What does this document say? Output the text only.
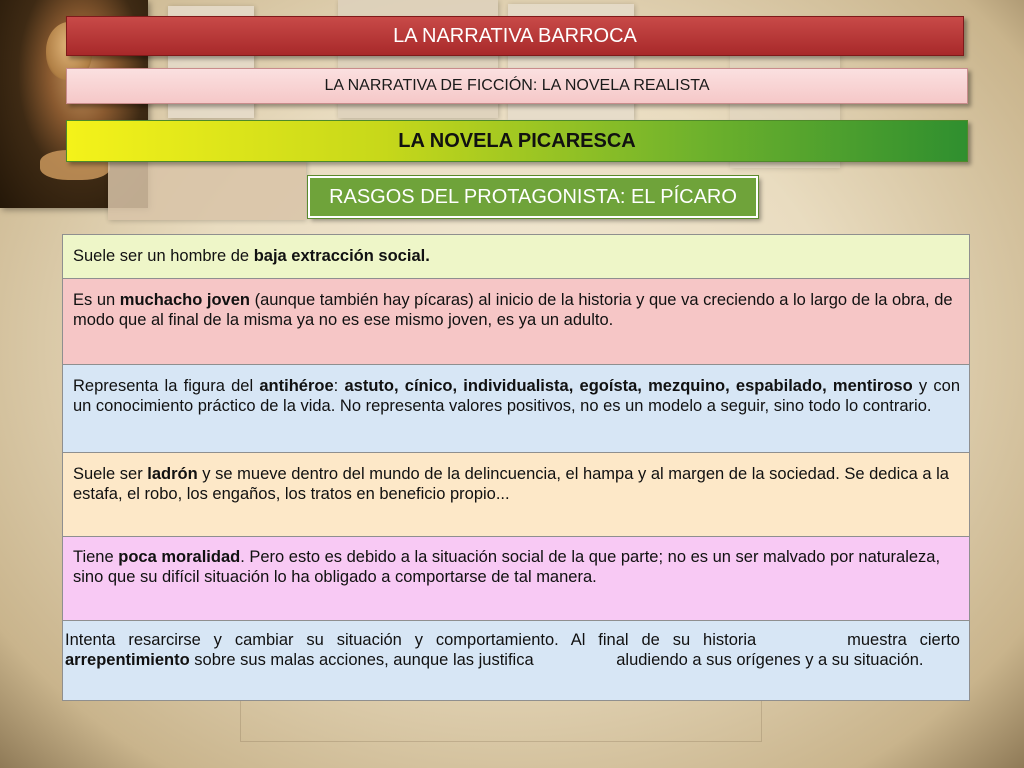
LA NARRATIVA BARROCA
LA NARRATIVA DE FICCIÓN: LA NOVELA REALISTA
LA NOVELA PICARESCA
RASGOS DEL PROTAGONISTA: EL PÍCARO
Suele ser un hombre de baja extracción social.
Es un muchacho joven (aunque también hay pícaras) al inicio de la historia y que va creciendo a lo largo de la obra, de modo que al final de la misma ya no es ese mismo joven, es ya un adulto.
Representa la figura del antihéroe: astuto, cínico, individualista, egoísta, mezquino, espabilado, mentiroso y con un conocimiento práctico de la vida. No representa valores positivos, no es un modelo a seguir, sino todo lo contrario.
Suele ser ladrón y se mueve dentro del mundo de la delincuencia, el hampa y al margen de la sociedad. Se dedica a la estafa, el robo, los engaños, los tratos en beneficio propio...
Tiene poca moralidad. Pero esto es debido a la situación social de la que parte; no es un ser malvado por naturaleza, sino que su difícil situación lo ha obligado a comportarse de tal manera.
Intenta resarcirse y cambiar su situación y comportamiento. Al final de su historia	muestra cierto arrepentimiento sobre sus malas acciones, aunque las justifica	aludiendo a sus orígenes y a su situación.
